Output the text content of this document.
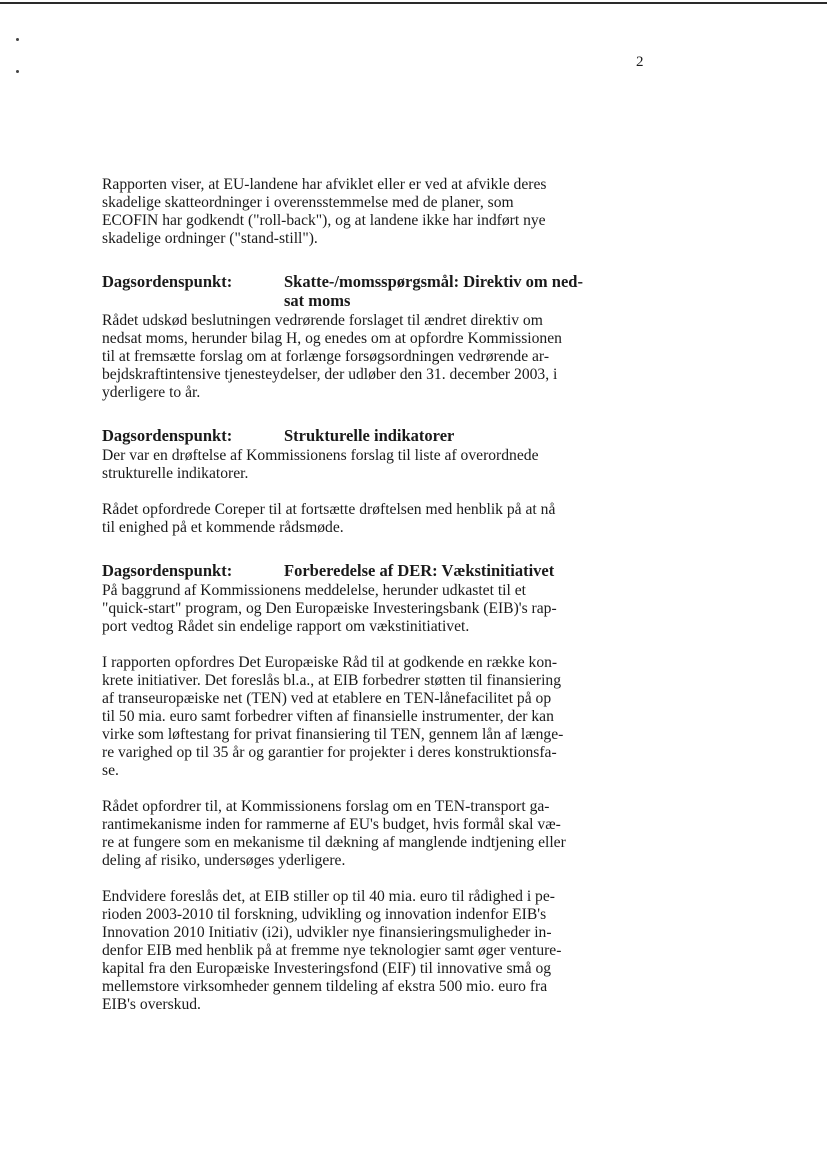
2

Rapporten viser, at EU-landene har afviklet eller er ved at afvikle deres
skadelige skatteordninger i overensstemmelse med de planer, som
ECOFIN har godkendt ("roll-back"), og at landene ikke har indført nye
skadelige ordninger ("stand-still").

Dagsordenspunkt:	Skatte-/momsspørgsmål: Direktiv om ned-
sat moms

Rådet udskød beslutningen vedrørende forslaget til ændret direktiv om
nedsat moms, herunder bilag H, og enedes om at opfordre Kommissionen
til at fremsætte forslag om at forlænge forsøgsordningen vedrørende ar-
bejdskraftintensive tjenesteydelser, der udløber den 31. december 2003, i
yderligere to år.

Dagsordenspunkt:	Strukturelle indikatorer

Der var en drøftelse af Kommissionens forslag til liste af overordnede
strukturelle indikatorer.

Rådet opfordrede Coreper til at fortsætte drøftelsen med henblik på at nå
til enighed på et kommende rådsmøde.

Dagsordenspunkt:	Forberedelse af DER: Vækstinitiativet

På baggrund af Kommissionens meddelelse, herunder udkastet til et
"quick-start" program, og Den Europæiske Investeringsbank (EIB)'s rap-
port vedtog Rådet sin endelige rapport om vækstinitiativet.

I rapporten opfordres Det Europæiske Råd til at godkende en række kon-
krete initiativer. Det foreslås bl.a., at EIB forbedrer støtten til finansiering
af transeuropæiske net (TEN) ved at etablere en TEN-lånefacilitet på op
til 50 mia. euro samt forbedrer viften af finansielle instrumenter, der kan
virke som løftestang for privat finansiering til TEN, gennem lån af længe-
re varighed op til 35 år og garantier for projekter i deres konstruktionsfa-
se.

Rådet opfordrer til, at Kommissionens forslag om en TEN-transport ga-
rantimekanisme inden for rammerne af EU's budget, hvis formål skal væ-
re at fungere som en mekanisme til dækning af manglende indtjening eller
deling af risiko, undersøges yderligere.

Endvidere foreslås det, at EIB stiller op til 40 mia. euro til rådighed i pe-
rioden 2003-2010 til forskning, udvikling og innovation indenfor EIB's
Innovation 2010 Initiativ (i2i), udvikler nye finansieringsmuligheder in-
denfor EIB med henblik på at fremme nye teknologier samt øger venture-
kapital fra den Europæiske Investeringsfond (EIF) til innovative små og
mellemstore virksomheder gennem tildeling af ekstra 500 mio. euro fra
EIB's overskud.
